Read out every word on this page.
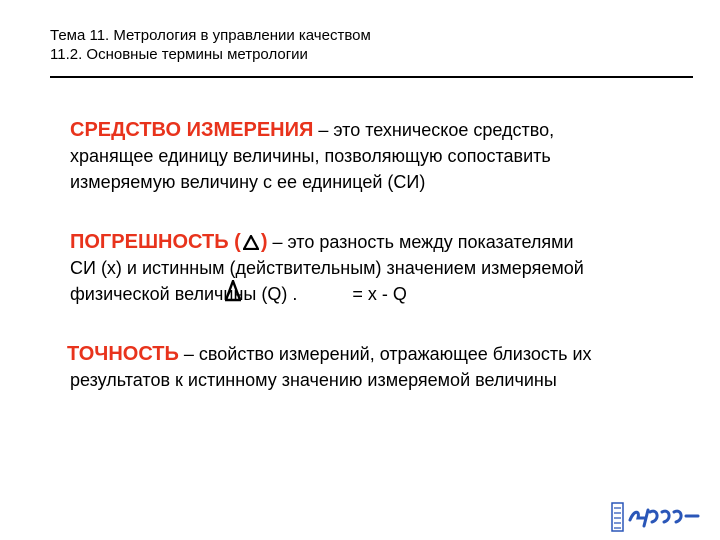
Тема 11. Метрология в управлении качеством
11.2. Основные термины метрологии
СРЕДСТВО ИЗМЕРЕНИЯ – это техническое средство,
хранящее единицу величины, позволяющую сопоставить
измеряемую величину с ее единицей (СИ)
ПОГРЕШНОСТЬ ( ) – это разность между показателями
СИ (x) и истинным (действительным) значением измеряемой
физической величины (Q) .	= x - Q
ТОЧНОСТЬ – свойство измерений, отражающее близость их
результатов к истинному значению измеряемой величины
